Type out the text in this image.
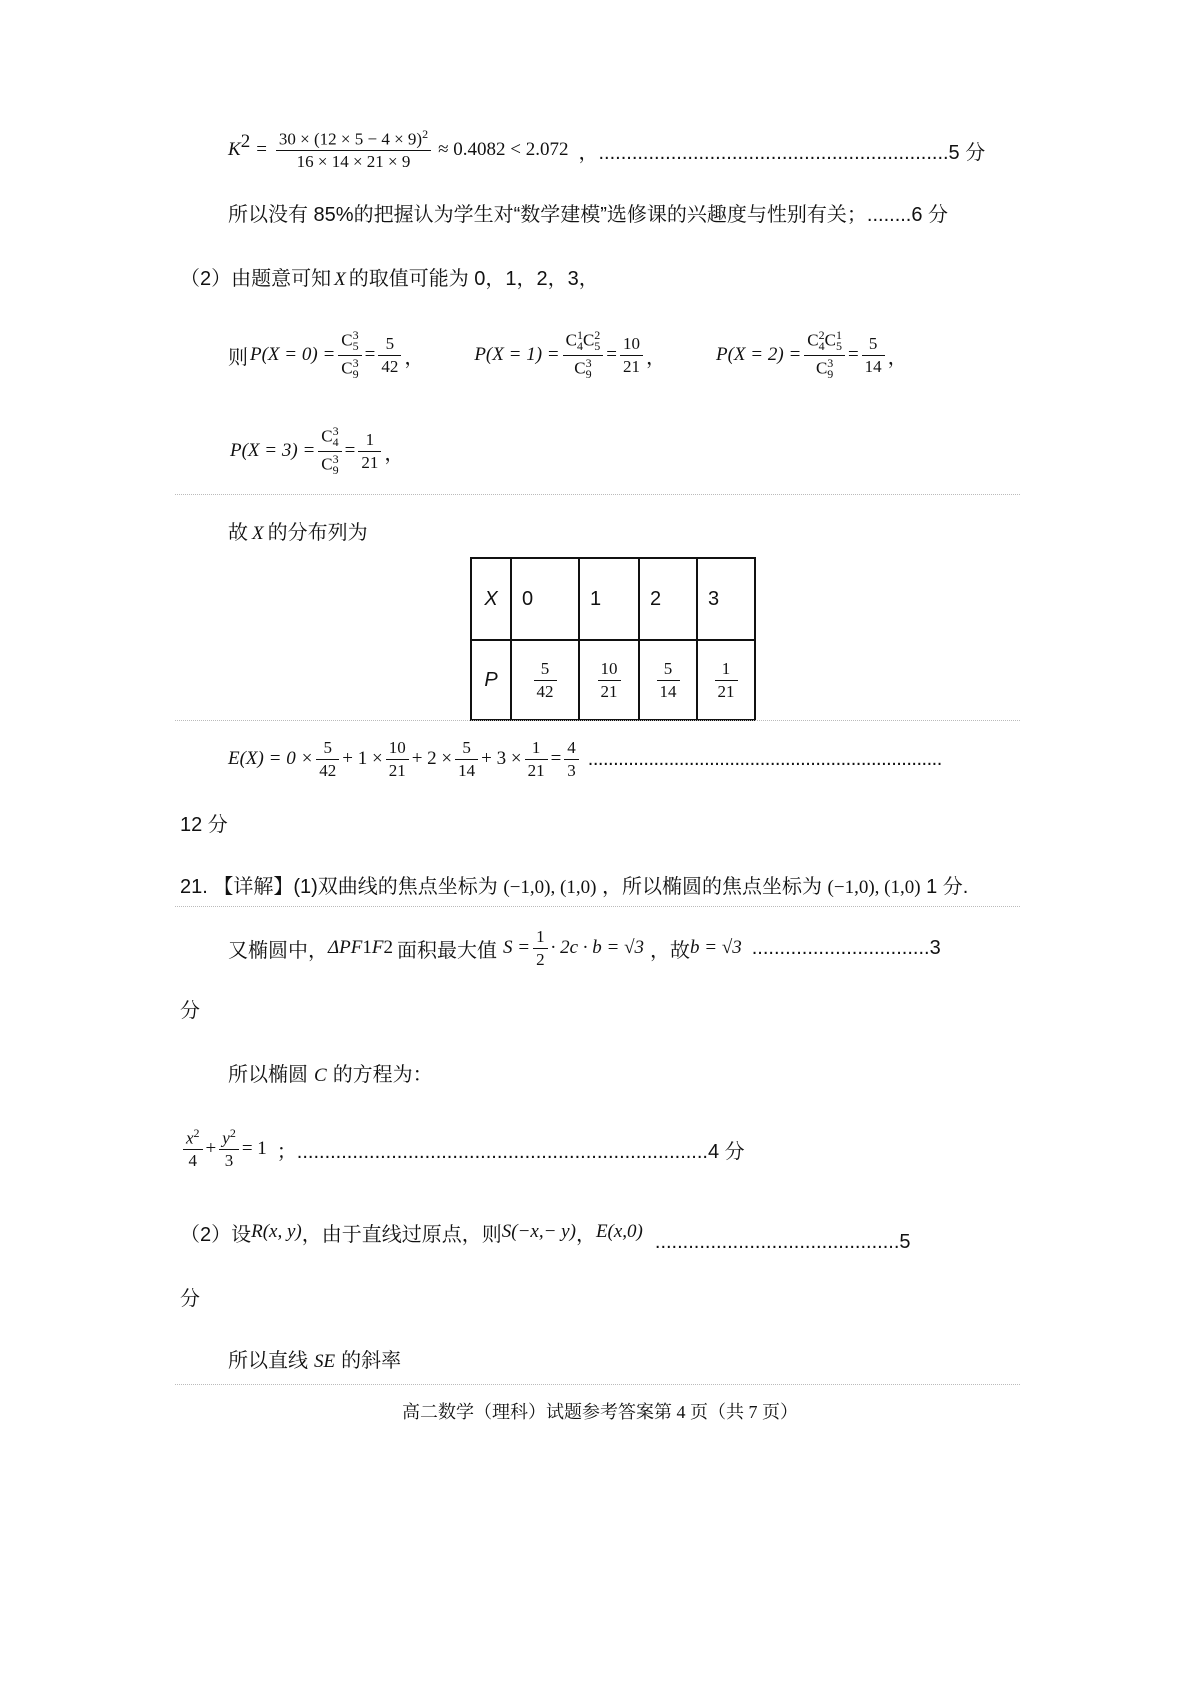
$K^2 = \frac{30 \times (12 \times 5 - 4 \times 9)^2}{16 \times 14 \times 21 \times 9} \approx 0.4082 < 2.072$ ，...............................................................5 分
所以没有 85%的把握认为学生对“数学建模”选修课的兴趣度与性别有关；........6 分
（2）由题意可知 X 的取值可能为 0，1，2，3，
则 $P(X = 0) = \frac{C_5^3}{C_9^3} = \frac{5}{42}$ ，	$P(X = 1) = \frac{C_4^1C_5^2}{C_9^3} = \frac{10}{21}$ ，	$P(X = 2) = \frac{C_4^2C_5^1}{C_9^3} = \frac{5}{14}$ ，
$P(X = 3) = \frac{C_4^3}{C_9^3} = \frac{1}{21}$ ，
故 X 的分布列为
X	0	1	2	3
P	$\frac{5}{42}$	$\frac{10}{21}$	$\frac{5}{14}$	$\frac{1}{21}$
$E(X) = 0 \times \frac{5}{42} + 1 \times \frac{10}{21} + 2 \times \frac{5}{14} + 3 \times \frac{1}{21} = \frac{4}{3}$ ......................................................................
12 分
21. 【详解】(1)双曲线的焦点坐标为 (−1,0), (1,0) ，所以椭圆的焦点坐标为 (−1,0), (1,0) 1 分.
又椭圆中， ΔPF 1 F 2 面积最大值 $S = \frac{1}{2} \cdot 2c \cdot b = √3$ ，故 b = √3 ................................3
分
所以椭圆 C 的方程为：
$\frac{x^2}{4} + \frac{y^2}{3} = 1$ ；..........................................................................4 分
（2）设 R(x, y) ，由于直线过原点，则 S(−x,− y) ， E(x,0) ............................................5
分
所以直线 SE 的斜率
高二数学（理科）试题参考答案第 4 页（共 7 页）
